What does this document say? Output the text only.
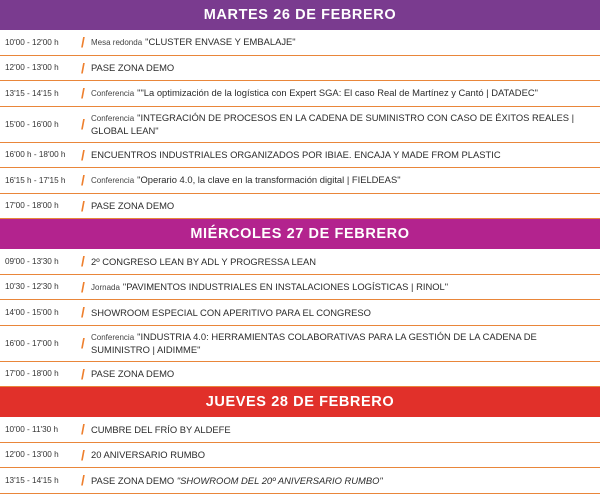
MARTES 26 DE FEBRERO
10'00 - 12'00 h	/ Mesa redonda "CLUSTER ENVASE Y EMBALAJE"
12'00 - 13'00 h	/ PASE ZONA DEMO
13'15 - 14'15 h	/ Conferencia ""La optimización de la logística con Expert SGA: El caso Real de Martínez y Cantó | DATADEC"
15'00 - 16'00 h	/ Conferencia "INTEGRACIÓN DE PROCESOS EN LA CADENA DE SUMINISTRO CON CASO DE ÉXITOS REALES | GLOBAL LEAN"
16'00 h - 18'00 h	/ ENCUENTROS INDUSTRIALES ORGANIZADOS POR IBIAE. ENCAJA Y MADE FROM PLASTIC
16'15 h - 17'15 h	/ Conferencia "Operario 4.0, la clave en la transformación digital | FIELDEAS"
17'00 - 18'00 h	/ PASE ZONA DEMO
MIÉRCOLES 27 DE FEBRERO
09'00 - 13'30 h	/ 2º CONGRESO LEAN BY ADL Y PROGRESSA LEAN
10'30 - 12'30 h	/ Jornada "PAVIMENTOS INDUSTRIALES EN INSTALACIONES LOGÍSTICAS | RINOL"
14'00 - 15'00 h	/ SHOWROOM ESPECIAL CON APERITIVO PARA EL CONGRESO
16'00 - 17'00 h	/ Conferencia "INDUSTRIA 4.0: HERRAMIENTAS COLABORATIVAS PARA LA GESTIÓN DE LA CADENA DE SUMINISTRO | AIDIMME"
17'00 - 18'00 h	/ PASE ZONA DEMO
JUEVES 28 DE FEBRERO
10'00 - 11'30 h	/ CUMBRE DEL FRÍO BY ALDEFE
12'00 - 13'00 h	/ 20 ANIVERSARIO RUMBO
13'15 - 14'15 h	/ PASE ZONA DEMO "SHOWROOM DEL 20º ANIVERSARIO RUMBO"
